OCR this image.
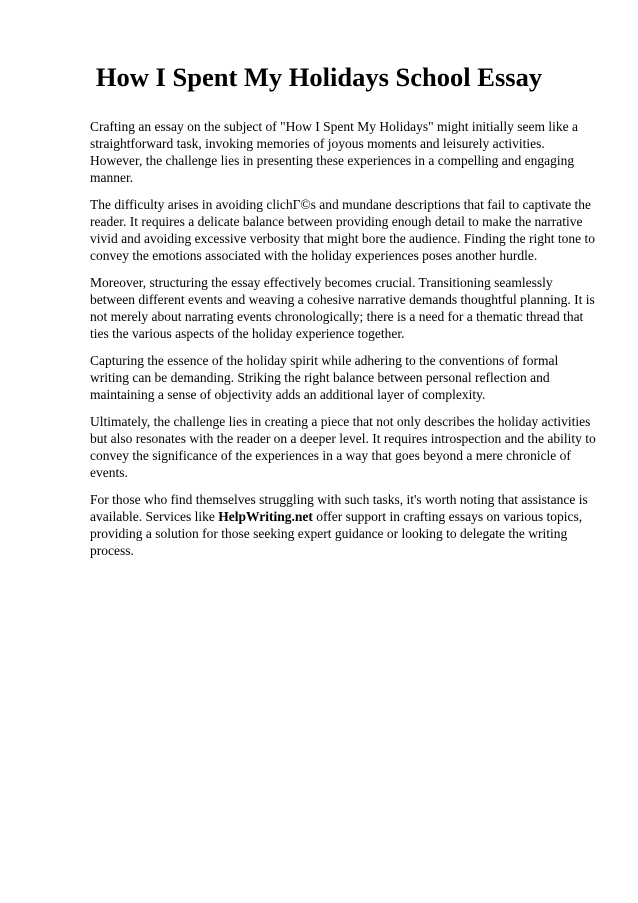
How I Spent My Holidays School Essay

Crafting an essay on the subject of "How I Spent My Holidays" might initially seem like a straightforward task, invoking memories of joyous moments and leisurely activities. However, the challenge lies in presenting these experiences in a compelling and engaging manner.

The difficulty arises in avoiding clichΓ©s and mundane descriptions that fail to captivate the reader. It requires a delicate balance between providing enough detail to make the narrative vivid and avoiding excessive verbosity that might bore the audience. Finding the right tone to convey the emotions associated with the holiday experiences poses another hurdle.

Moreover, structuring the essay effectively becomes crucial. Transitioning seamlessly between different events and weaving a cohesive narrative demands thoughtful planning. It is not merely about narrating events chronologically; there is a need for a thematic thread that ties the various aspects of the holiday experience together.

Capturing the essence of the holiday spirit while adhering to the conventions of formal writing can be demanding. Striking the right balance between personal reflection and maintaining a sense of objectivity adds an additional layer of complexity.

Ultimately, the challenge lies in creating a piece that not only describes the holiday activities but also resonates with the reader on a deeper level. It requires introspection and the ability to convey the significance of the experiences in a way that goes beyond a mere chronicle of events.

For those who find themselves struggling with such tasks, it's worth noting that assistance is available. Services like HelpWriting.net offer support in crafting essays on various topics, providing a solution for those seeking expert guidance or looking to delegate the writing process.
